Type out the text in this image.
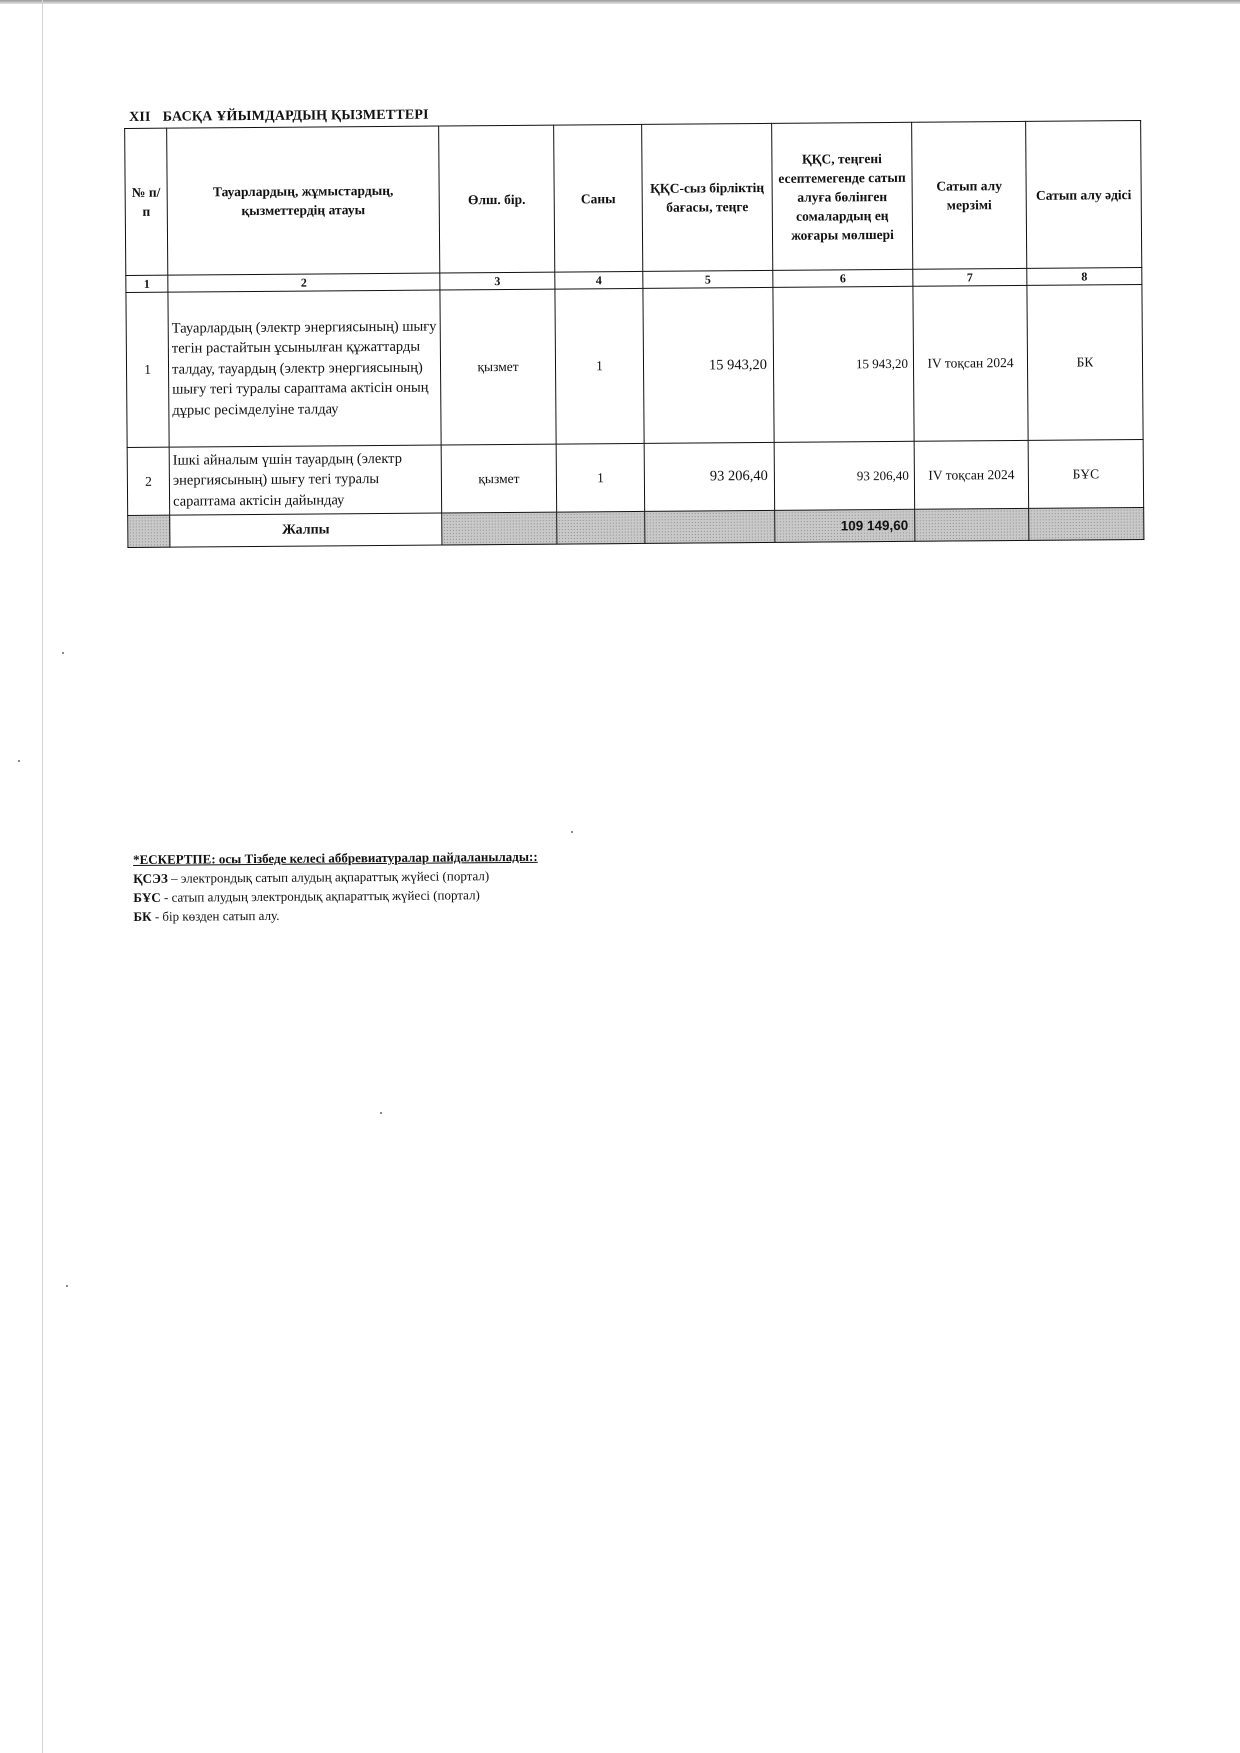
XII БАСҚА ҰЙЫМДАРДЫҢ ҚЫЗМЕТТЕРІ
№ п/п	Тауарлардың, жұмыстардың, қызметтердің атауы	Өлш. бір.	Саны	ҚҚС-сыз бірліктің бағасы, теңге	ҚҚС, теңгені есептемегенде сатып алуға бөлінген сомалардың ең жоғары мөлшері	Сатып алу мерзімі	Сатып алу әдісі
1	2	3	4	5	6	7	8
1	Тауарлардың (электр энергиясының) шығу тегін растайтын ұсынылған құжаттарды талдау, тауардың (электр энергиясының) шығу тегі туралы сараптама актісін оның дұрыс ресімделуіне талдау	қызмет	1	15 943,20	15 943,20	IV тоқсан 2024	БК
2	Ішкі айналым үшін тауардың (электр энергиясының) шығу тегі туралы сараптама актісін дайындау	қызмет	1	93 206,40	93 206,40	IV тоқсан 2024	БҰС
	Жалпы				109 149,60		
*ЕСКЕРТПЕ: осы Тізбеде келесі аббревиатуралар пайдаланылады::
ҚСЭЗ – электрондық сатып алудың ақпараттық жүйесі (портал)
БҰС - сатып алудың электрондық ақпараттық жүйесі (портал)
БК - бір көзден сатып алу.
